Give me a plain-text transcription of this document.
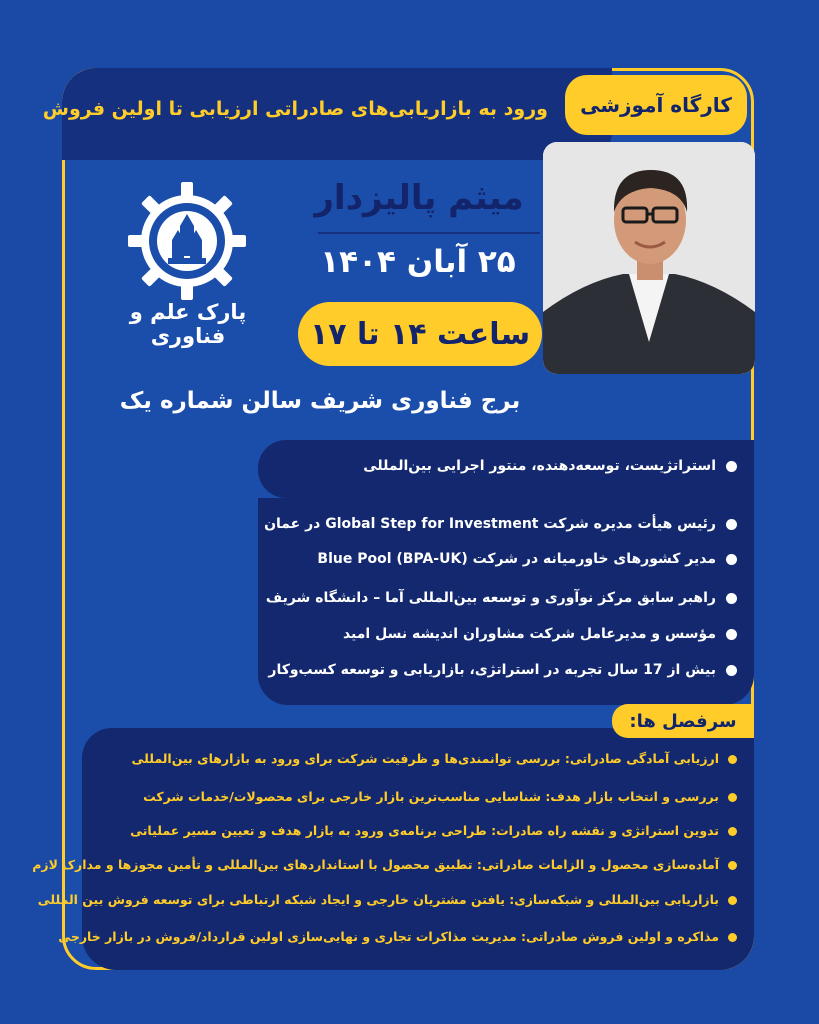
ورود به بازاریابی‌های صادراتی ارزیابی تا اولین فروش	کارگاه آموزشی
میثم پالیزدار
۲۵ آبان ۱۴۰۴
ساعت ۱۴ تا ۱۷
پارک علم و فناوری
برج فناوری شریف سالن شماره یک
استراتژیست، توسعه‌دهنده، منتور اجرایی بین‌المللی
رئیس هیأت مدیره شرکت Global Step for Investment در عمان
مدیر کشورهای خاورمیانه در شرکت (Blue Pool (BPA-UK
راهبر سابق مرکز نوآوری و توسعه بین‌المللی آما – دانشگاه شریف
مؤسس و مدیرعامل شرکت مشاوران اندیشه نسل امید
بیش از 17 سال تجربه در استراتژی، بازاریابی و توسعه کسب‌وکار
سرفصل ها:
ارزیابی آمادگی صادراتی: بررسی توانمندی‌ها و ظرفیت شرکت برای ورود به بازارهای بین‌المللی
بررسی و انتخاب بازار هدف: شناسایی مناسب‌ترین بازار خارجی برای محصولات/خدمات شرکت
تدوین استراتژی و نقشه راه صادرات: طراحی برنامه‌ی ورود به بازار هدف و تعیین مسیر عملیاتی
آماده‌سازی محصول و الزامات صادراتی: تطبیق محصول با استانداردهای بین‌المللی و تأمین مجوزها و مدارک لازم
بازاریابی بین‌المللی و شبکه‌سازی: یافتن مشتریان خارجی و ایجاد شبکه ارتباطی برای توسعه فروش بین المللی
مذاکره و اولین فروش صادراتی: مدیریت مذاکرات تجاری و نهایی‌سازی اولین قرارداد/فروش در بازار خارجی
